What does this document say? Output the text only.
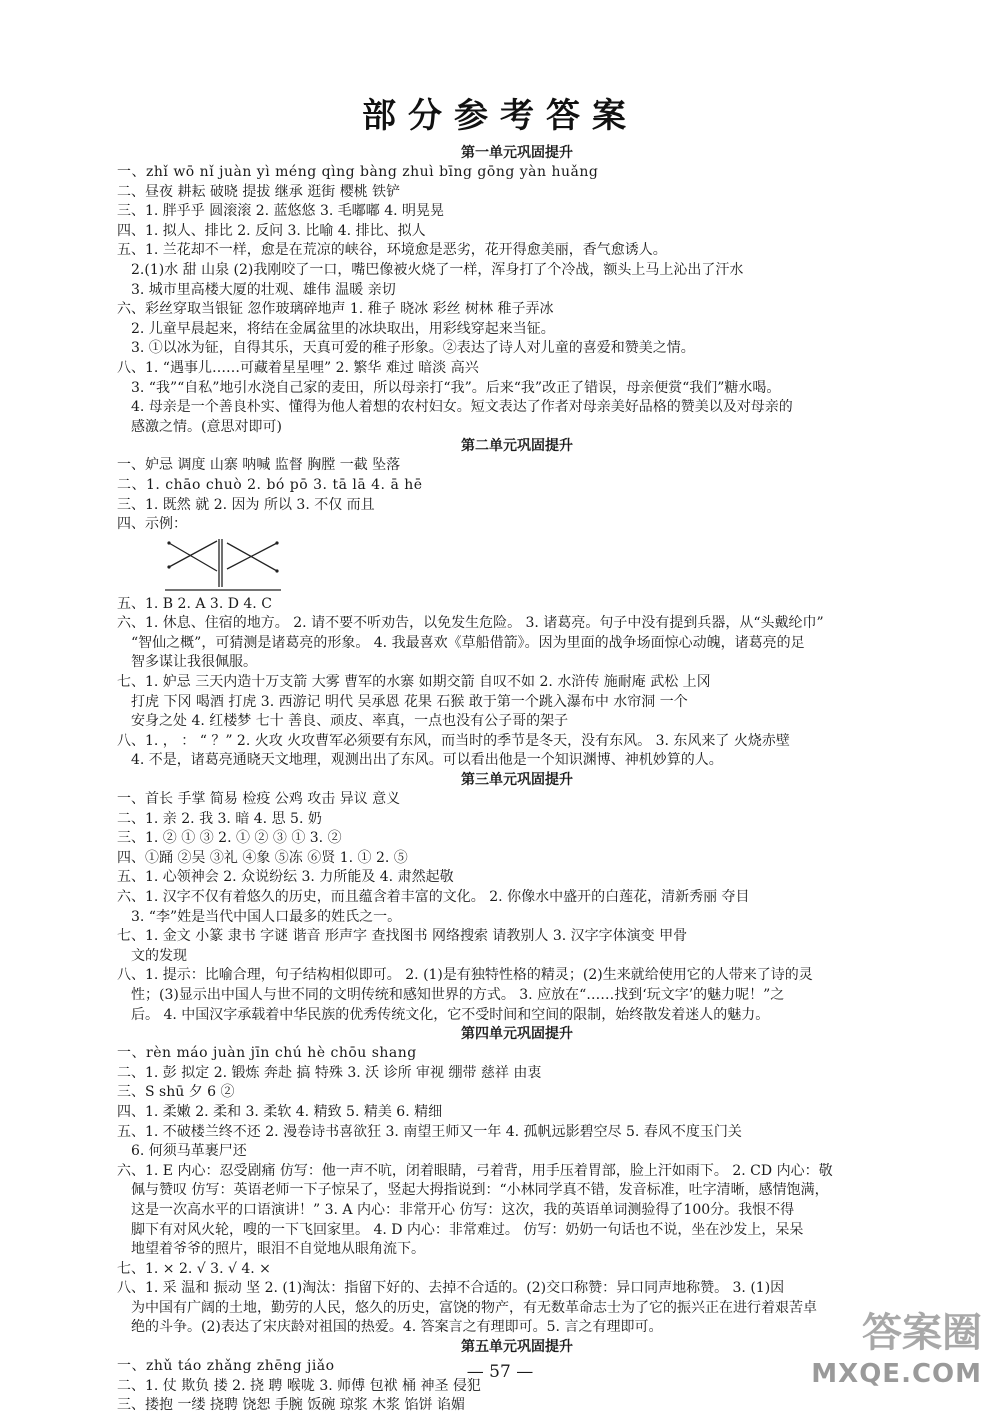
部分参考答案
第一单元巩固提升
一、zhǐ wō nǐ juàn yì méng qìng bàng zhuì bīng gōng yàn huǎng
二、昼夜 耕耘 破晓 提拔 继承 逛街 樱桃 铁铲
三、1. 胖乎乎 圆滚滚 2. 蓝悠悠 3. 毛嘟嘟 4. 明晃晃
四、1. 拟人、排比 2. 反问 3. 比喻 4. 排比、拟人
五、1. 兰花却不一样，愈是在荒凉的峡谷，环境愈是恶劣，花开得愈美丽，香气愈诱人。
2.(1)水 甜 山泉 (2)我刚咬了一口，嘴巴像被火烧了一样，浑身打了个冷战，额头上马上沁出了汗水
3. 城市里高楼大厦的壮观、雄伟 温暖 亲切
六、彩丝穿取当银钲 忽作玻璃碎地声 1. 稚子 晓冰 彩丝 树林 稚子弄冰
2. 儿童早晨起来，将结在金属盆里的冰块取出，用彩线穿起来当钲。
3. ①以冰为钲，自得其乐，天真可爱的稚子形象。②表达了诗人对儿童的喜爱和赞美之情。
八、1. “遇事儿……可藏着星星哩” 2. 繁华 难过 暗淡 高兴
3. “我”“自私”地引水浇自己家的麦田，所以母亲打“我”。后来“我”改正了错误，母亲便赏“我们”糖水喝。
4. 母亲是一个善良朴实、懂得为他人着想的农村妇女。短文表达了作者对母亲美好品格的赞美以及对母亲的
感激之情。(意思对即可)
第二单元巩固提升
一、妒忌 调度 山寨 呐喊 监督 胸膛 一截 坠落
二、1. chāo chuò 2. bó pō 3. tā lā 4. ā hē
三、1. 既然 就 2. 因为 所以 3. 不仅 而且
四、示例：
五、1. B 2. A 3. D 4. C
六、1. 休息、住宿的地方。 2. 请不要不听劝告，以免发生危险。 3. 诸葛亮。句子中没有提到兵器，从“头戴纶巾”
“智仙之概”，可猜测是诸葛亮的形象。 4. 我最喜欢《草船借箭》。因为里面的战争场面惊心动魄，诸葛亮的足
智多谋让我很佩服。
七、1. 妒忌 三天内造十万支箭 大雾 曹军的水寨 如期交箭 自叹不如 2. 水浒传 施耐庵 武松 上冈
打虎 下冈 喝酒 打虎 3. 西游记 明代 吴承恩 花果 石猴 敢于第一个跳入瀑布中 水帘洞 一个
安身之处 4. 红楼梦 七十 善良、顽皮、率真，一点也没有公子哥的架子
八、1. ， ： “ ？” 2. 火攻 火攻曹军必须要有东风，而当时的季节是冬天，没有东风。 3. 东风来了 火烧赤壁
4. 不是，诸葛亮通晓天文地理，观测出出了东风。可以看出他是一个知识渊博、神机妙算的人。
第三单元巩固提升
一、首长 手掌 简易 检疫 公鸡 攻击 异议 意义
二、1. 亲 2. 我 3. 暗 4. 思 5. 奶
三、1. ② ① ③ 2. ① ② ③ ① 3. ②
四、①踊 ②吴 ③礼 ④象 ⑤冻 ⑥贤 1. ① 2. ⑤
五、1. 心领神会 2. 众说纷纭 3. 力所能及 4. 肃然起敬
六、1. 汉字不仅有着悠久的历史，而且蕴含着丰富的文化。 2. 你像水中盛开的白莲花，清新秀丽 夺目
3. “李”姓是当代中国人口最多的姓氏之一。
七、1. 金文 小篆 隶书 字谜 谐音 形声字 查找图书 网络搜索 请教别人 3. 汉字字体演变 甲骨
文的发现
八、1. 提示：比喻合理，句子结构相似即可。 2. (1)是有独特性格的精灵；(2)生来就给使用它的人带来了诗的灵
性；(3)显示出中国人与世不同的文明传统和感知世界的方式。 3. 应放在“……找到‘玩文字’的魅力呢！”之
后。 4. 中国汉字承载着中华民族的优秀传统文化，它不受时间和空间的限制，始终散发着迷人的魅力。
第四单元巩固提升
一、rèn máo juàn jīn chú hè chōu shang
二、1. 彭 拟定 2. 锻炼 奔赴 搞 特殊 3. 沃 诊所 审视 绷带 慈祥 由衷
三、S shū 夕 6 ②
四、1. 柔嫩 2. 柔和 3. 柔软 4. 精致 5. 精美 6. 精细
五、1. 不破楼兰终不还 2. 漫卷诗书喜欲狂 3. 南望王师又一年 4. 孤帆远影碧空尽 5. 春风不度玉门关
6. 何须马革裹尸还
六、1. E 内心：忍受剧痛 仿写：他一声不吭，闭着眼睛，弓着背，用手压着胃部，脸上汗如雨下。 2. CD 内心：敬
佩与赞叹 仿写：英语老师一下子惊呆了，竖起大拇指说到：“小林同学真不错，发音标准，吐字清晰，感情饱满，
这是一次高水平的口语演讲！” 3. A 内心：非常开心 仿写：这次，我的英语单词测验得了100分。我恨不得
脚下有对风火轮，嗖的一下飞回家里。 4. D 内心：非常难过。 仿写：奶奶一句话也不说，坐在沙发上，呆呆
地望着爷爷的照片，眼泪不自觉地从眼角流下。
七、1. × 2. √ 3. √ 4. ×
八、1. 采 温和 振动 坚 2. (1)淘汰：指留下好的、去掉不合适的。(2)交口称赞：异口同声地称赞。 3. (1)因
为中国有广阔的土地，勤劳的人民，悠久的历史，富饶的物产，有无数革命志士为了它的振兴正在进行着艰苦卓
绝的斗争。(2)表达了宋庆龄对祖国的热爱。4. 答案言之有理即可。5. 言之有理即可。
第五单元巩固提升
一、zhǔ táo zhǎng zhēng jiǎo
二、1. 仗 欺负 搂 2. 挠 聘 喉咙 3. 师傅 包袱 桶 神圣 侵犯
三、搂抱 一缕 挠聘 饶恕 手腕 饭碗 琼浆 木浆 馅饼 谄媚
— 57 —
答案圈
MXQE.COM
